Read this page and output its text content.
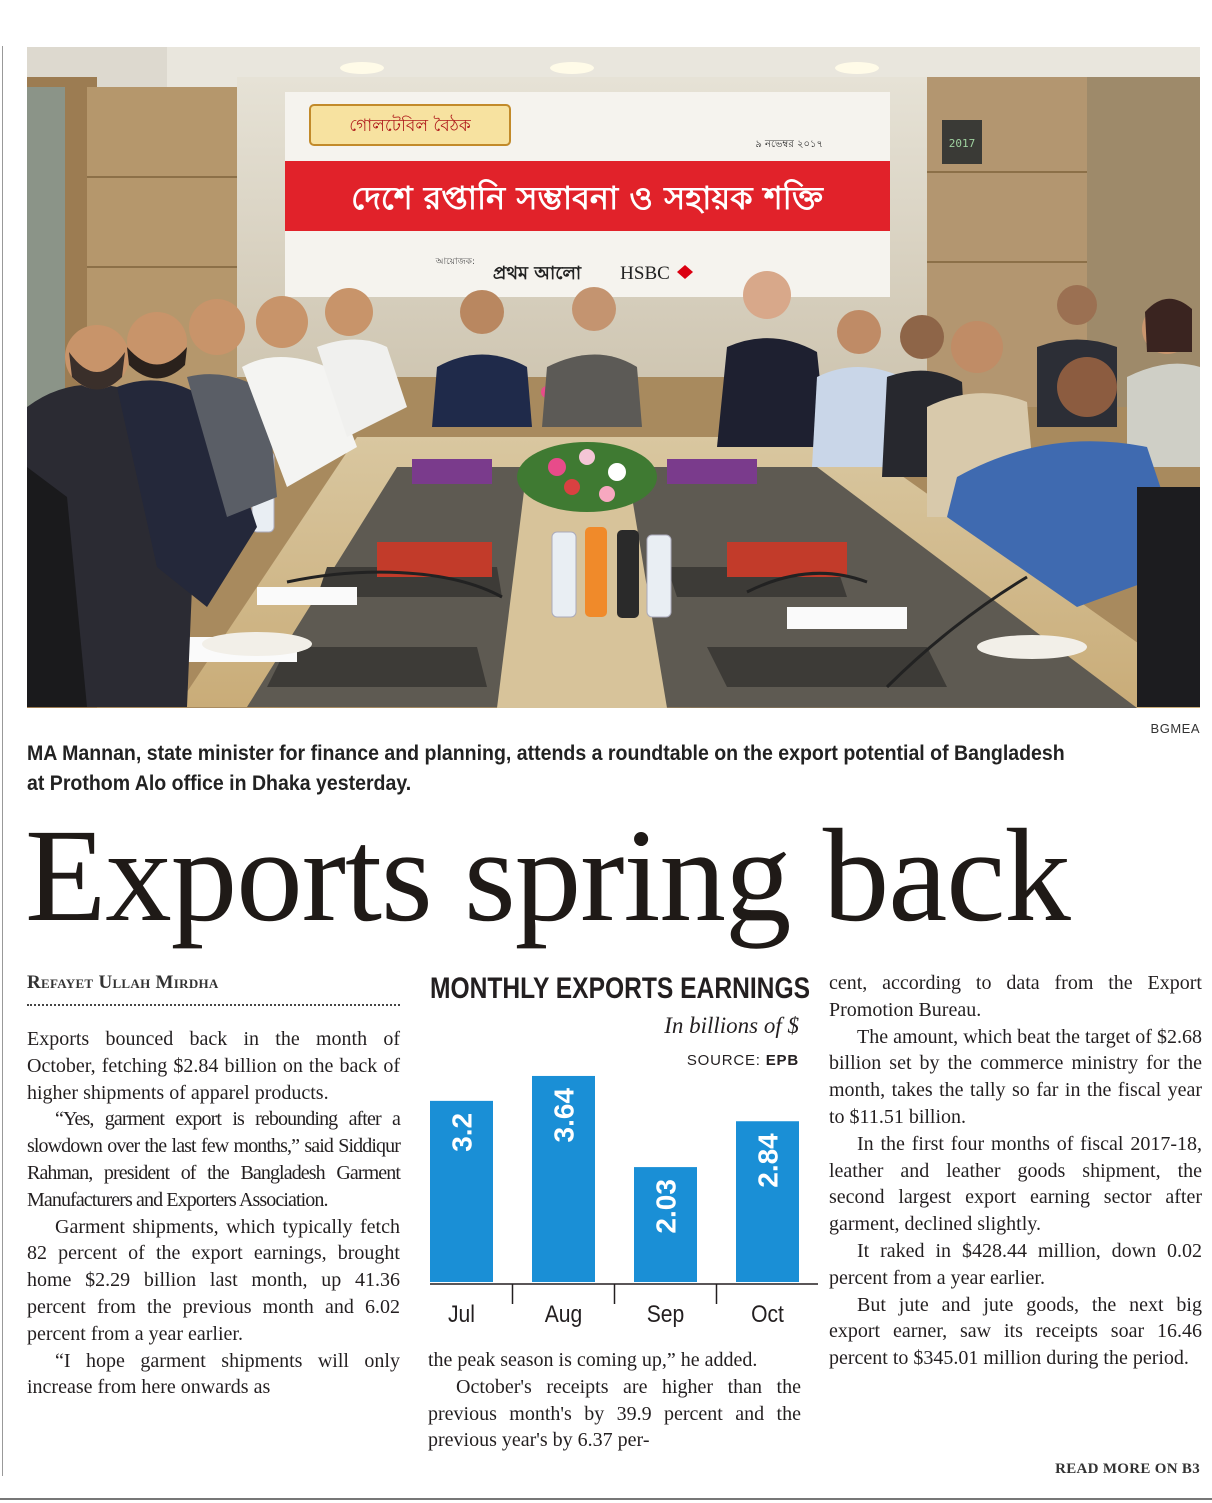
2017
গোলটেবিল বৈঠক
৯ নভেম্বর ২০১৭
দেশে রপ্তানি সম্ভাবনা ও সহায়ক শক্তি
আয়োজক:
প্রথম আলো HSBC
BGMEA
MA Mannan, state minister for finance and planning, attends a roundtable on the export potential of Bangladesh
at Prothom Alo office in Dhaka yesterday.
Exports spring back
Refayet Ullah Mirdha

Exports bounced back in the month of October, fetching $2.84 billion on the back of higher shipments of apparel products.

“Yes, garment export is rebounding after a slowdown over the last few months,” said Siddiqur Rahman, president of the Bangladesh Garment Manufacturers and Exporters Association.

Garment shipments, which typically fetch 82 percent of the export earnings, brought home $2.29 billion last month, up 41.36 percent from the previous month and 6.02 percent from a year earlier.

“I hope garment shipments will only increase from here onwards as

MONTHLY EXPORTS EARNINGS
In billions of $
SOURCE: EPB
3.2
Jul
3.64
Aug
2.03
Sep
2.84
Oct

the peak season is coming up,” he added.

October's receipts are higher than the previous month's by 39.9 percent and the previous year's by 6.37 per-

cent, according to data from the Export Promotion Bureau.

The amount, which beat the target of $2.68 billion set by the commerce ministry for the month, takes the tally so far in the fiscal year to $11.51 billion.

In the first four months of fiscal 2017-18, leather and leather goods shipment, the second largest export earning sector after garment, declined slightly.

It raked in $428.44 million, down 0.02 percent from a year earlier.

But jute and jute goods, the next big export earner, saw its receipts soar 16.46 percent to $345.01 million during the period.

READ MORE ON B3
